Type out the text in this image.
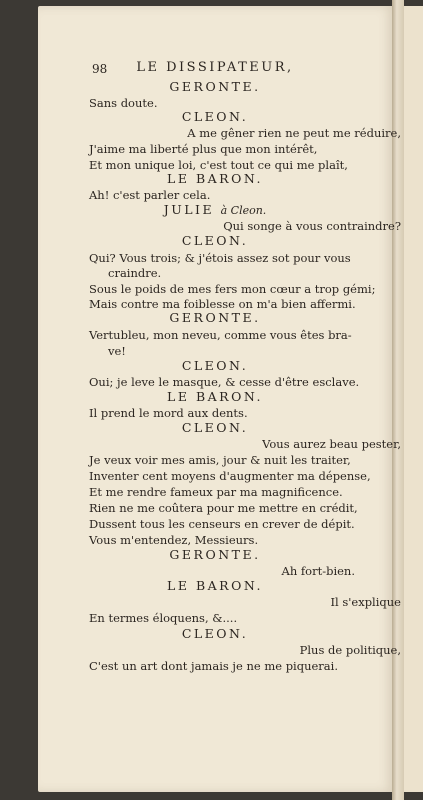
98	LE DISSIPATEUR,
GERONTE.
Sans doute.
CLEON.
A me gêner rien ne peut me réduire,
J'aime ma liberté plus que mon intérêt,
Et mon unique loi, c'est tout ce qui me plaît,
LE BARON.
Ah! c'est parler cela.
JULIE à Cleon.
Qui songe à vous contraindre?
CLEON.
Qui? Vous trois; & j'étois assez sot pour vous
craindre.
Sous le poids de mes fers mon cœur a trop gémi;
Mais contre ma foiblesse on m'a bien affermi.
GERONTE.
Vertubleu, mon neveu, comme vous êtes bra-
ve!
CLEON.
Oui; je leve le masque, & cesse d'être esclave.
LE BARON.
Il prend le mord aux dents.
CLEON.
Vous aurez beau pester,
Je veux voir mes amis, jour & nuit les traiter,
Inventer cent moyens d'augmenter ma dépense,
Et me rendre fameux par ma magnificence.
Rien ne me coûtera pour me mettre en crédit,
Dussent tous les censeurs en crever de dépit.
Vous m'entendez, Messieurs.
GERONTE.
Ah fort-bien.
LE BARON.
Il s'explique
En termes éloquens, &....
CLEON.
Plus de politique,
C'est un art dont jamais je ne me piquerai.
